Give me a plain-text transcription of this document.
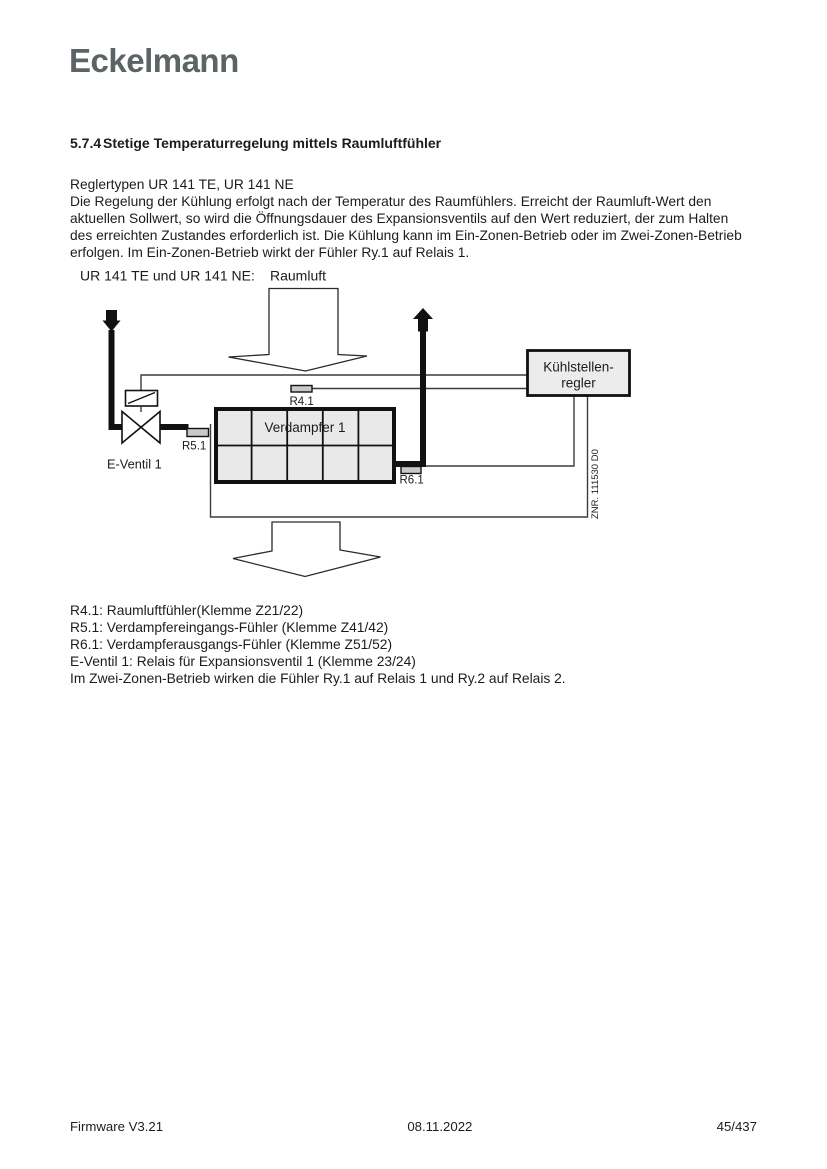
Eckelmann
5.7.4 Stetige Temperaturregelung mittels Raumluftfühler
Reglertypen UR 141 TE, UR 141 NE
Die Regelung der Kühlung erfolgt nach der Temperatur des Raumfühlers. Erreicht der Raumluft-Wert den
aktuellen Sollwert, so wird die Öffnungsdauer des Expansionsventils auf den Wert reduziert, der zum Halten
des erreichten Zustandes erforderlich ist. Die Kühlung kann im Ein-Zonen-Betrieb oder im Zwei-Zonen-Betrieb
erfolgen. Im Ein-Zonen-Betrieb wirkt der Fühler Ry.1 auf Relais 1.
Verdampfer 1
Kühlstellen-
regler
UR 141 TE und UR 141 NE: Raumluft
R4.1
R5.1
R6.1
E-Ventil 1	ZNR. 111530 D0
R4.1: Raumluftfühler(Klemme Z21/22)
R5.1: Verdampfereingangs-Fühler (Klemme Z41/42)
R6.1: Verdampferausgangs-Fühler (Klemme Z51/52)
E-Ventil 1: Relais für Expansionsventil 1 (Klemme 23/24)
Im Zwei-Zonen-Betrieb wirken die Fühler Ry.1 auf Relais 1 und Ry.2 auf Relais 2.
Firmware V3.21	08.11.2022	45/437
